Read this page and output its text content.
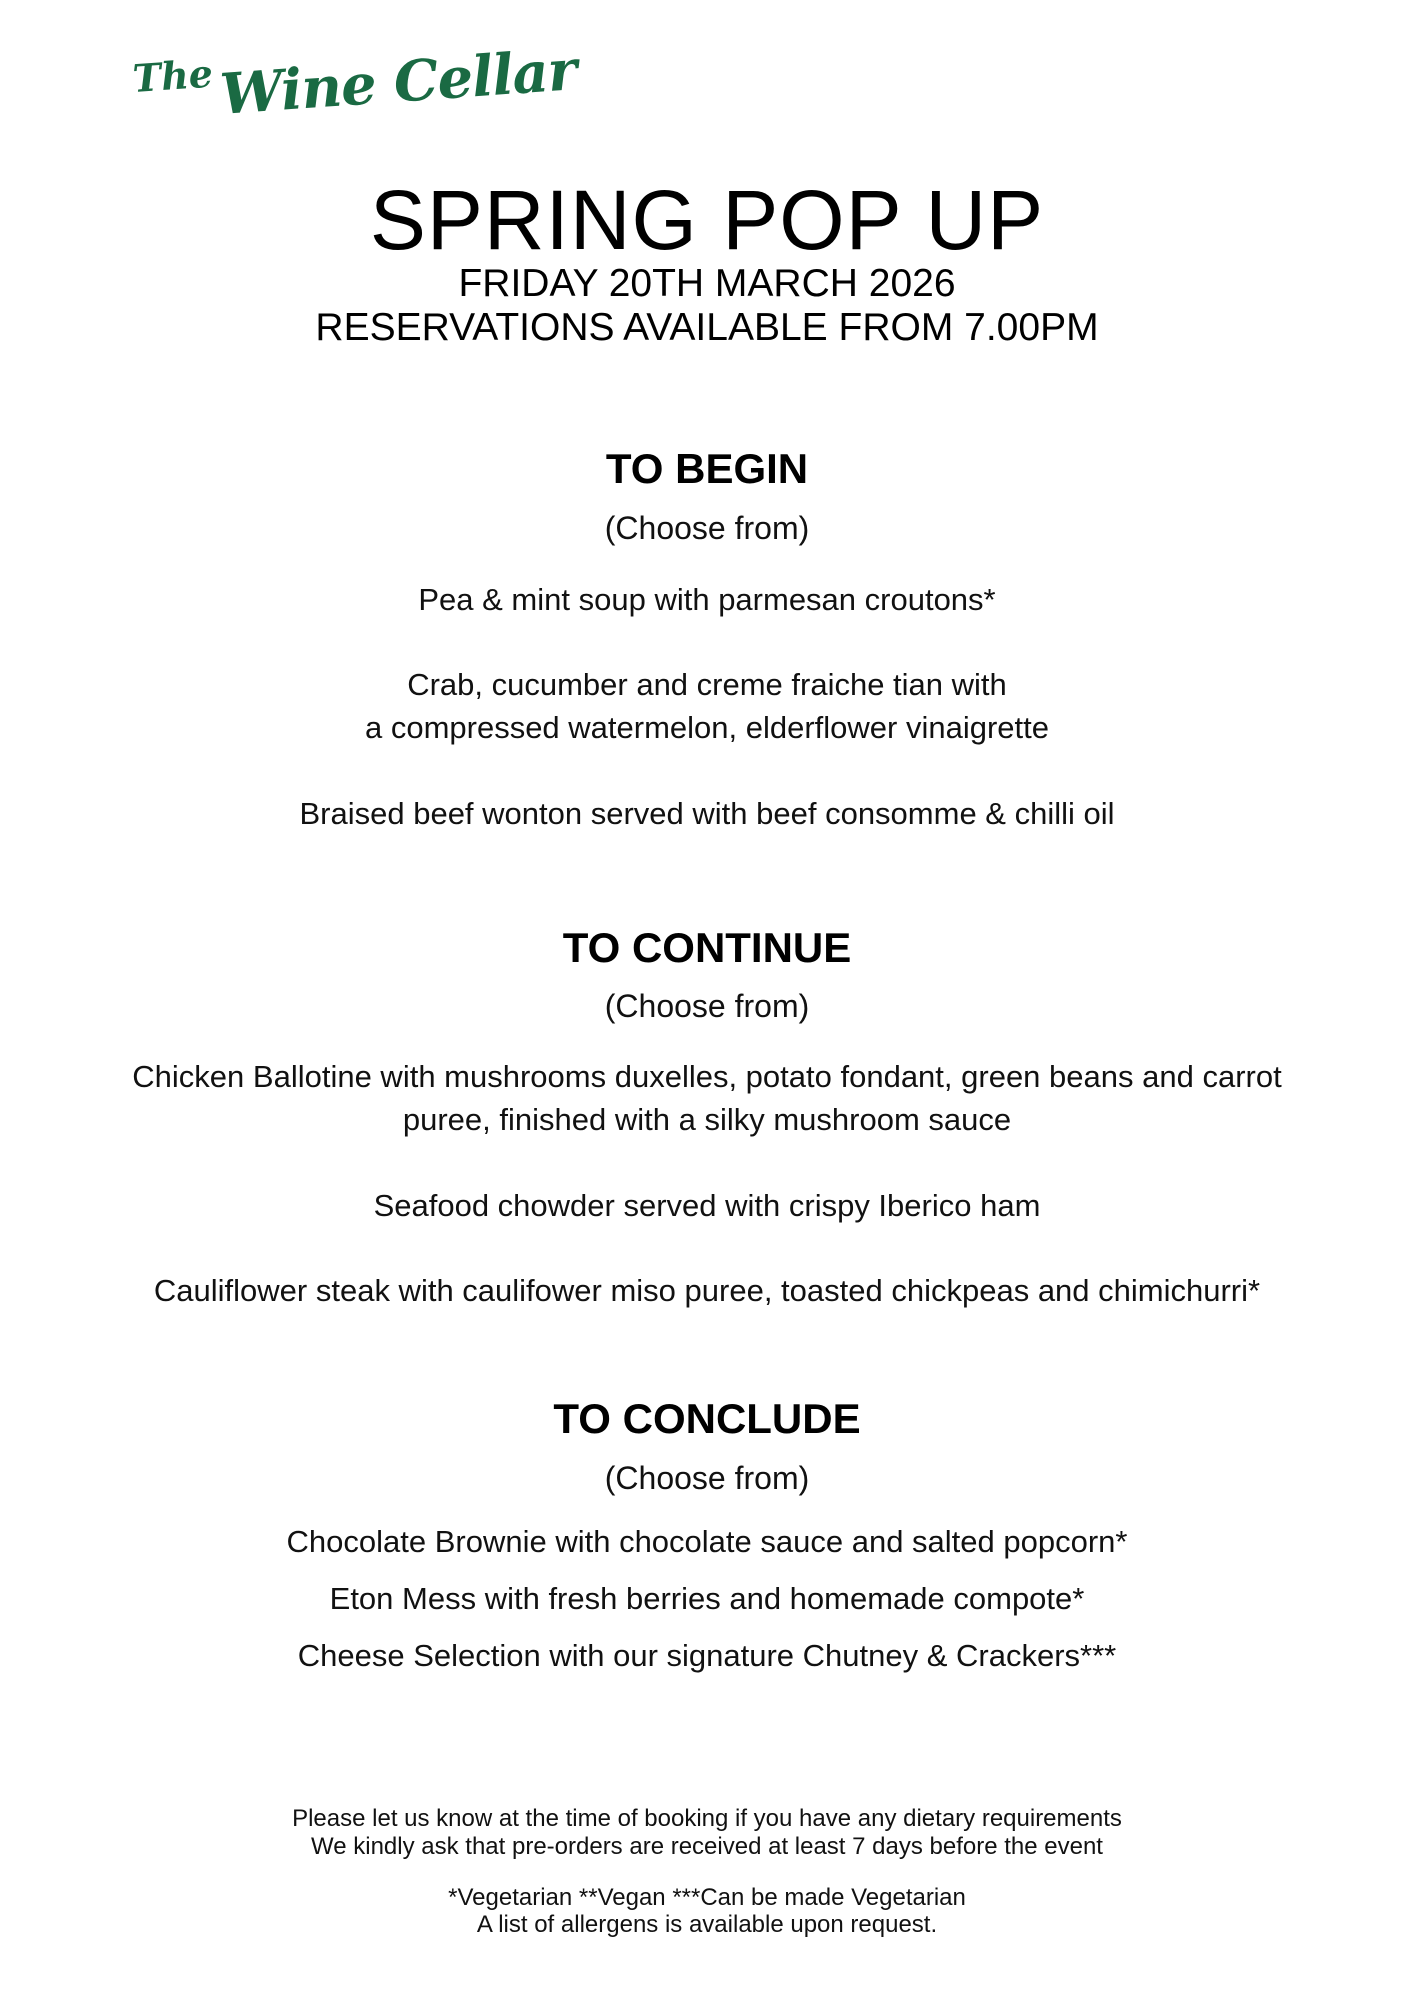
TheWine Cellar
SPRING POP UP
FRIDAY 20TH MARCH 2026
RESERVATIONS AVAILABLE FROM 7.00PM
TO BEGIN
(Choose from)
Pea & mint soup with parmesan croutons*
Crab, cucumber and creme fraiche tian with
a compressed watermelon, elderflower vinaigrette
Braised beef wonton served with beef consomme & chilli oil
TO CONTINUE
(Choose from)
Chicken Ballotine with mushrooms duxelles, potato fondant, green beans and carrot
puree, finished with a silky mushroom sauce
Seafood chowder served with crispy Iberico ham
Cauliflower steak with caulifower miso puree, toasted chickpeas and chimichurri*
TO CONCLUDE
(Choose from)
Chocolate Brownie with chocolate sauce and salted popcorn*
Eton Mess with fresh berries and homemade compote*
Cheese Selection with our signature Chutney & Crackers***
Please let us know at the time of booking if you have any dietary requirements
We kindly ask that pre-orders are received at least 7 days before the event
*Vegetarian **Vegan ***Can be made Vegetarian
A list of allergens is available upon request.
